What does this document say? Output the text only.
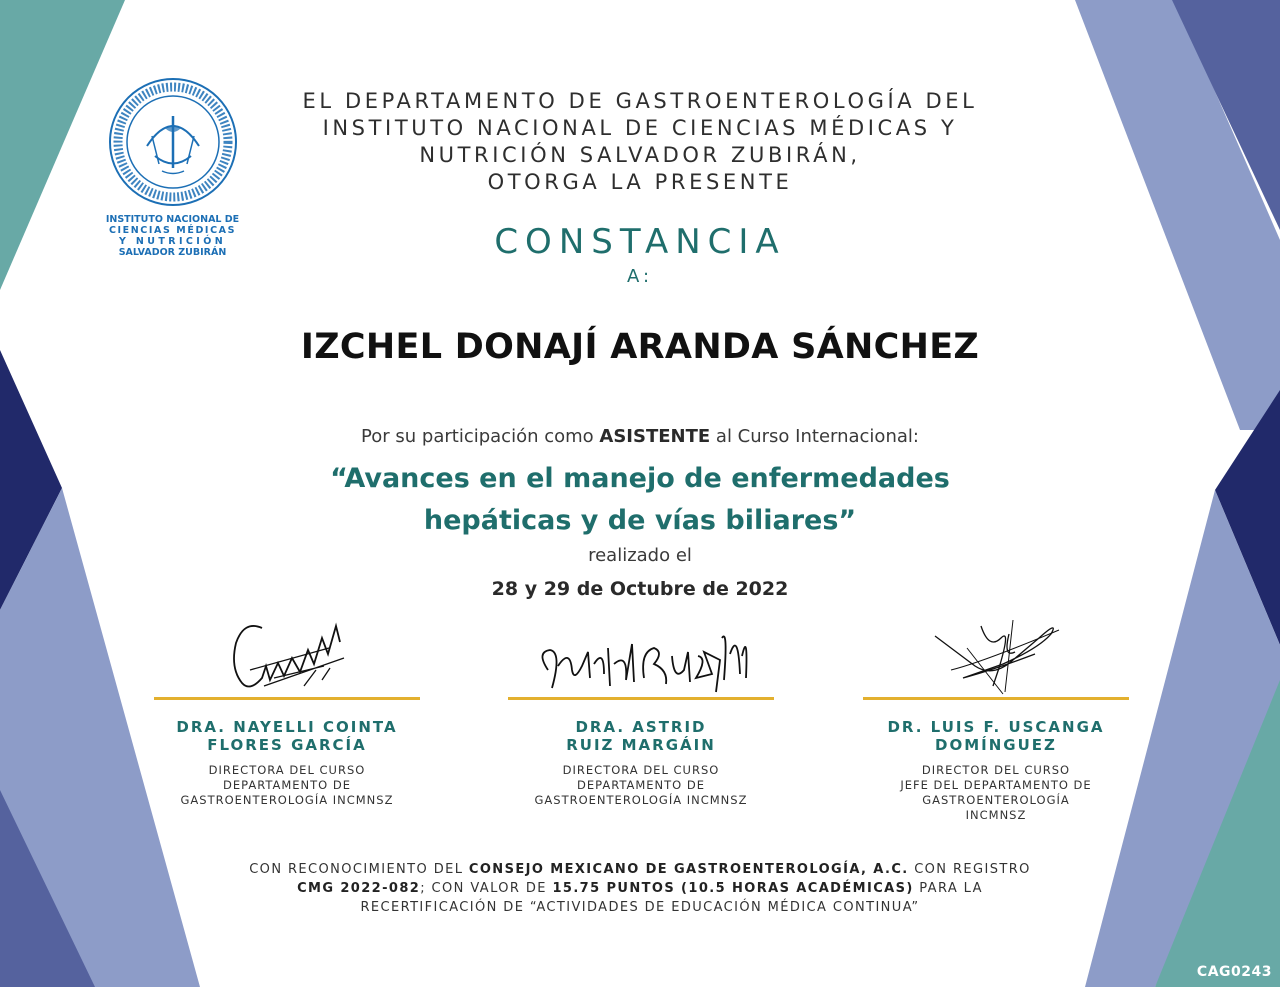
INSTITUTO NACIONAL DE
CIENCIAS MÉDICAS
Y NUTRICIÓN
SALVADOR ZUBIRÁN
EL DEPARTAMENTO DE GASTROENTEROLOGÍA DEL
INSTITUTO NACIONAL DE CIENCIAS MÉDICAS Y
NUTRICIÓN SALVADOR ZUBIRÁN,
OTORGA LA PRESENTE
CONSTANCIA
A:
IZCHEL DONAJÍ ARANDA SÁNCHEZ
Por su participación como ASISTENTE al Curso Internacional:
“Avances en el manejo de enfermedades
hepáticas y de vías biliares”
realizado el
28 y 29 de Octubre de 2022
DRA. NAYELLI COINTA
FLORES GARCÍA
DIRECTORA DEL CURSO
DEPARTAMENTO DE
GASTROENTEROLOGÍA INCMNSZ
DRA. ASTRID
RUIZ MARGÁIN
DIRECTORA DEL CURSO
DEPARTAMENTO DE
GASTROENTEROLOGÍA INCMNSZ
DR. LUIS F. USCANGA
DOMÍNGUEZ
DIRECTOR DEL CURSO
JEFE DEL DEPARTAMENTO DE
GASTROENTEROLOGÍA
INCMNSZ
CON RECONOCIMIENTO DEL CONSEJO MEXICANO DE GASTROENTEROLOGÍA, A.C. CON REGISTRO
CMG 2022-082; CON VALOR DE 15.75 PUNTOS (10.5 HORAS ACADÉMICAS) PARA LA
RECERTIFICACIÓN DE “ACTIVIDADES DE EDUCACIÓN MÉDICA CONTINUA”
CAG0243
